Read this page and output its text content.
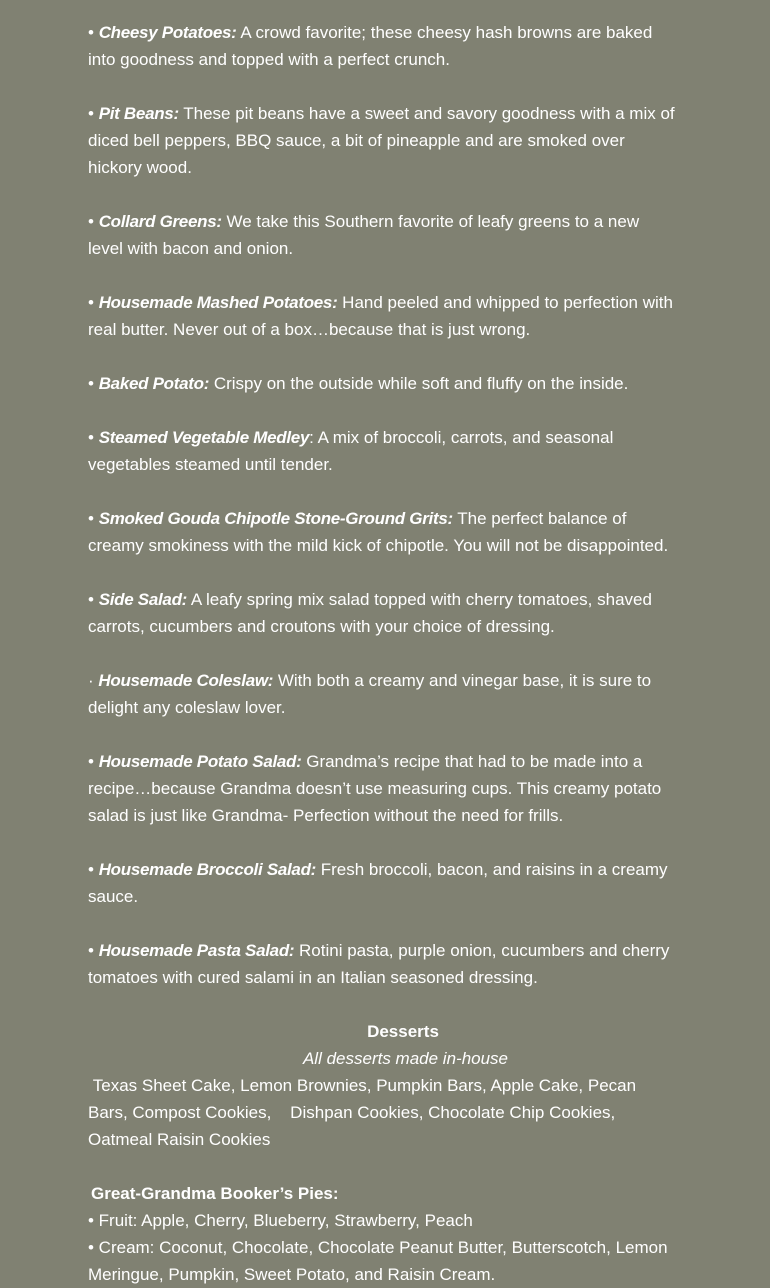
• Cheesy Potatoes: A crowd favorite; these cheesy hash browns are baked into goodness and topped with a perfect crunch.
• Pit Beans: These pit beans have a sweet and savory goodness with a mix of diced bell peppers, BBQ sauce, a bit of pineapple and are smoked over hickory wood.
• Collard Greens: We take this Southern favorite of leafy greens to a new level with bacon and onion.
• Housemade Mashed Potatoes: Hand peeled and whipped to perfection with real butter. Never out of a box…because that is just wrong.
• Baked Potato: Crispy on the outside while soft and fluffy on the inside.
• Steamed Vegetable Medley: A mix of broccoli, carrots, and seasonal vegetables steamed until tender.
• Smoked Gouda Chipotle Stone-Ground Grits: The perfect balance of creamy smokiness with the mild kick of chipotle. You will not be disappointed.
• Side Salad: A leafy spring mix salad topped with cherry tomatoes, shaved carrots, cucumbers and croutons with your choice of dressing.
· Housemade Coleslaw: With both a creamy and vinegar base, it is sure to delight any coleslaw lover.
• Housemade Potato Salad: Grandma’s recipe that had to be made into a recipe…because Grandma doesn’t use measuring cups. This creamy potato salad is just like Grandma- Perfection without the need for frills.
• Housemade Broccoli Salad: Fresh broccoli, bacon, and raisins in a creamy sauce.
• Housemade Pasta Salad: Rotini pasta, purple onion, cucumbers and cherry tomatoes with cured salami in an Italian seasoned dressing.
Desserts
All desserts made in-house
Texas Sheet Cake, Lemon Brownies, Pumpkin Bars, Apple Cake, Pecan Bars, Compost Cookies,    Dishpan Cookies, Chocolate Chip Cookies, Oatmeal Raisin Cookies
Great-Grandma Booker’s Pies:
• Fruit: Apple, Cherry, Blueberry, Strawberry, Peach
• Cream: Coconut, Chocolate, Chocolate Peanut Butter, Butterscotch, Lemon Meringue, Pumpkin, Sweet Potato, and Raisin Cream.
